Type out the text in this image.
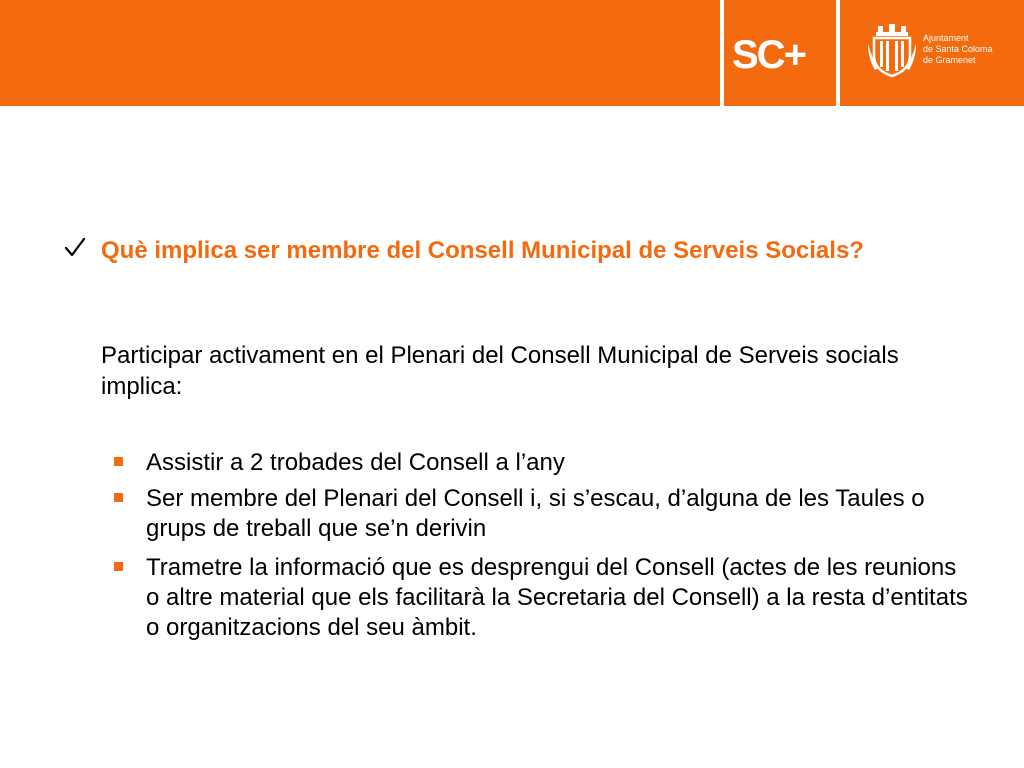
SC+	Ajuntament
de Santa Coloma
de Gramenet
Què implica ser membre del Consell Municipal de Serveis Socials?
Participar activament en el Plenari del Consell Municipal de Serveis socials implica:
Assistir a 2 trobades del Consell a l’any
Ser membre del Plenari del Consell i, si s’escau, d’alguna de les Taules o grups de treball que se’n derivin
Trametre la informació que es desprengui del Consell (actes de les reunions o altre material que els facilitarà la Secretaria del Consell) a la resta d’entitats o organitzacions del seu àmbit.
